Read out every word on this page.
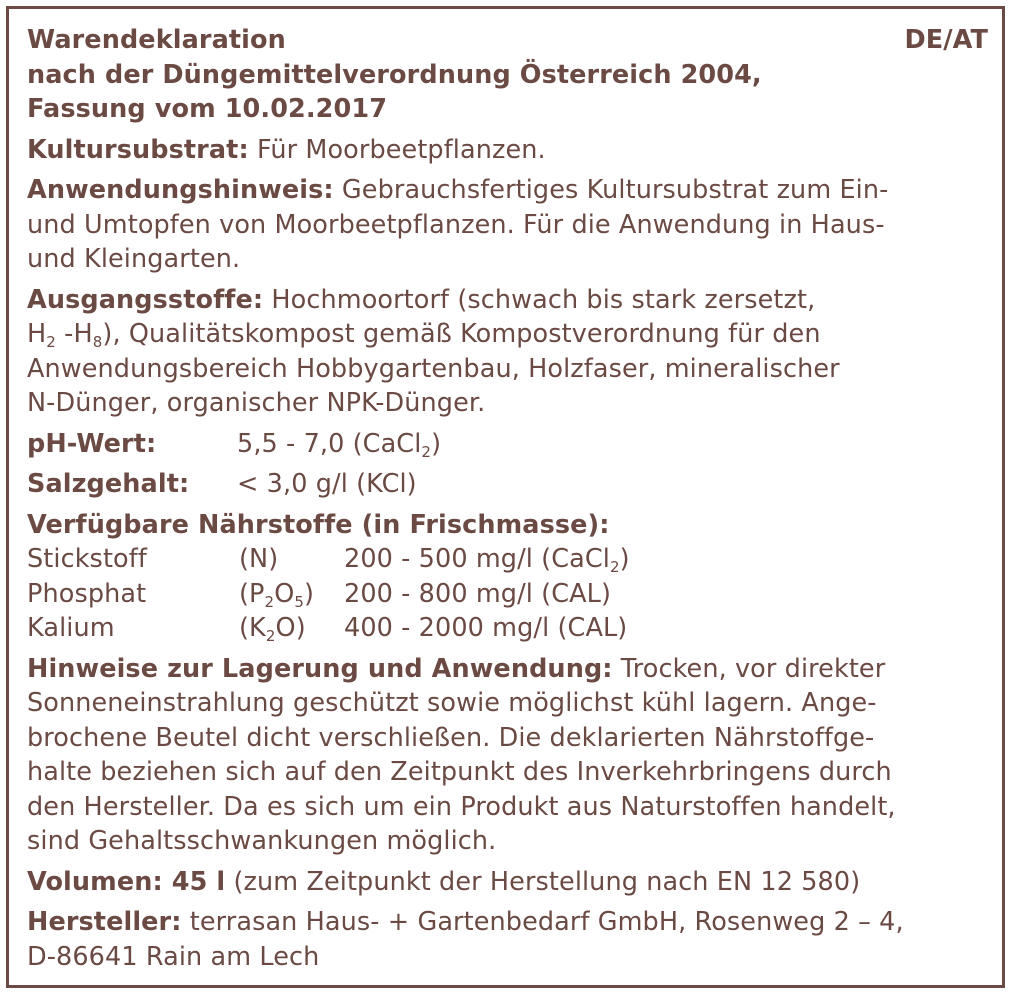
Warendeklaration	DE/AT
nach der Düngemittelverordnung Österreich 2004,
Fassung vom 10.02.2017
Kultursubstrat: Für Moorbeetpflanzen.
Anwendungshinweis: Gebrauchsfertiges Kultursubstrat zum Ein-
und Umtopfen von Moorbeetpflanzen. Für die Anwendung in Haus-
und Kleingarten.
Ausgangsstoffe: Hochmoortorf (schwach bis stark zersetzt,
$H_2$ $-H_8$), Qualitätskompost gemäß Kompostverordnung für den
Anwendungsbereich Hobbygartenbau, Holzfaser, mineralischer
N-Dünger, organischer NPK-Dünger.
pH-Wert:	5,5 - 7,0 (CaCl$_2$)
Salzgehalt:	< 3,0 g/l (KCl)
Verfügbare Nährstoffe (in Frischmasse):
Stickstoff	(N)	200 - 500 mg/l (CaCl$_2$)
Phosphat	$(P_2O_5)$	200 - 800 mg/l (CAL)
Kalium	$(K_2O)$	400 - 2000 mg/l (CAL)
Hinweise zur Lagerung und Anwendung: Trocken, vor direkter
Sonneneinstrahlung geschützt sowie möglichst kühl lagern. Ange-
brochene Beutel dicht verschließen. Die deklarierten Nährstoffge-
halte beziehen sich auf den Zeitpunkt des Inverkehrbringens durch
den Hersteller. Da es sich um ein Produkt aus Naturstoffen handelt,
sind Gehaltsschwankungen möglich.
Volumen: 45 l (zum Zeitpunkt der Herstellung nach EN 12 580)
Hersteller: terrasan Haus- + Gartenbedarf GmbH, Rosenweg 2 – 4,
D-86641 Rain am Lech
